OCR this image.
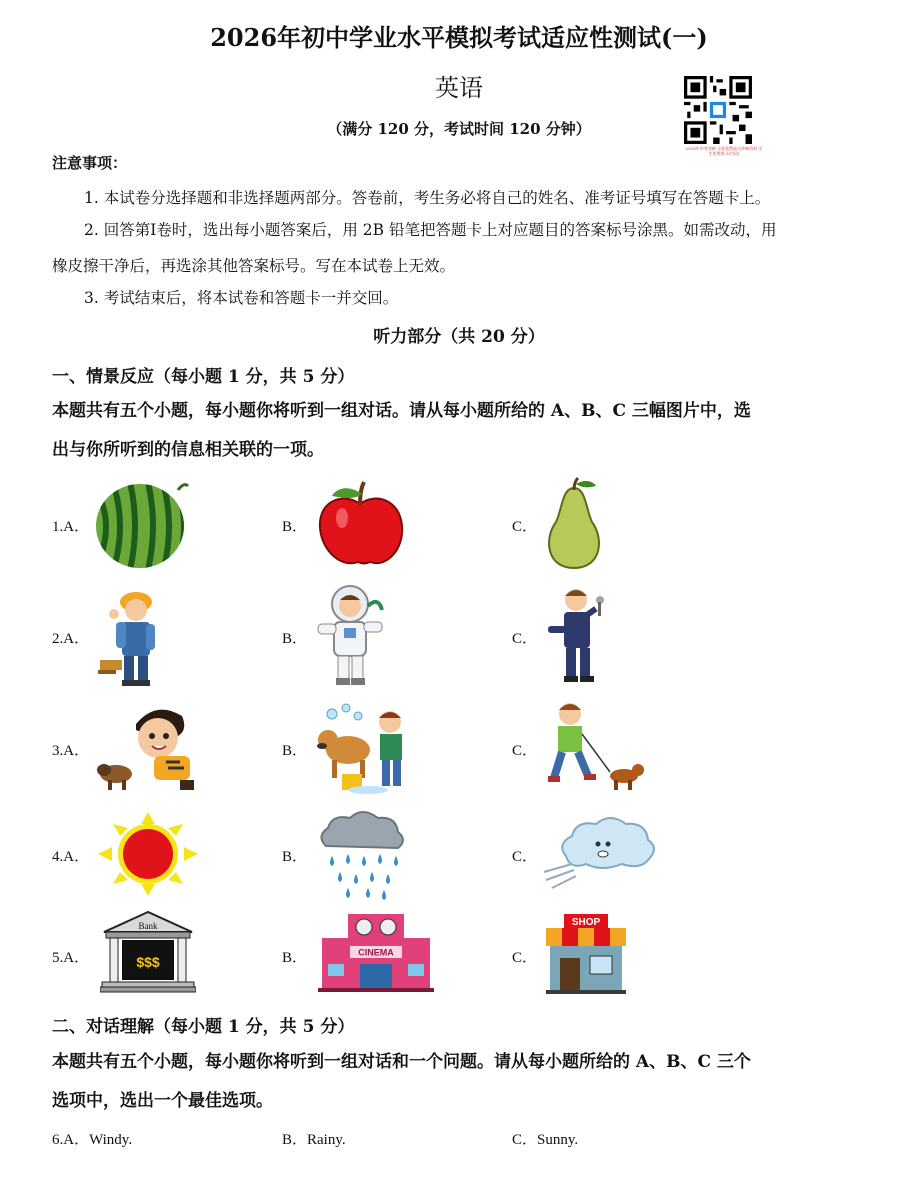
2026年初中学业水平模拟考试适应性测试(一)
英语
（满分 120 分，考试时间 120 分钟）
2026年中考冲刺 全卷免费高分冲刺资料 学生免费练习(扫码)
注意事项：
1. 本试卷分选择题和非选择题两部分。答卷前，考生务必将自己的姓名、准考证号填写在答题卡上。
2. 回答第Ⅰ卷时，选出每小题答案后，用 2B 铅笔把答题卡上对应题目的答案标号涂黑。如需改动，用
橡皮擦干净后，再选涂其他答案标号。写在本试卷上无效。
3. 考试结束后，将本试卷和答题卡一并交回。
听力部分（共 20 分）
一、情景反应（每小题 1 分，共 5 分）
本题共有五个小题，每小题你将听到一组对话。请从每小题所给的 A、B、C 三幅图片中，选
出与你所听到的信息相关联的一项。
1.A．	B．	C．
2.A．	B．	C．
3.A．	B．	C．
4.A．	B．	C．
5.A．	B．	C．
Bank
$$$
CINEMA
SHOP
二、对话理解（每小题 1 分，共 5 分）
本题共有五个小题，每小题你将听到一组对话和一个问题。请从每小题所给的 A、B、C 三个
选项中，选出一个最佳选项。
6.A．Windy.	B．Rainy.	C．Sunny.
